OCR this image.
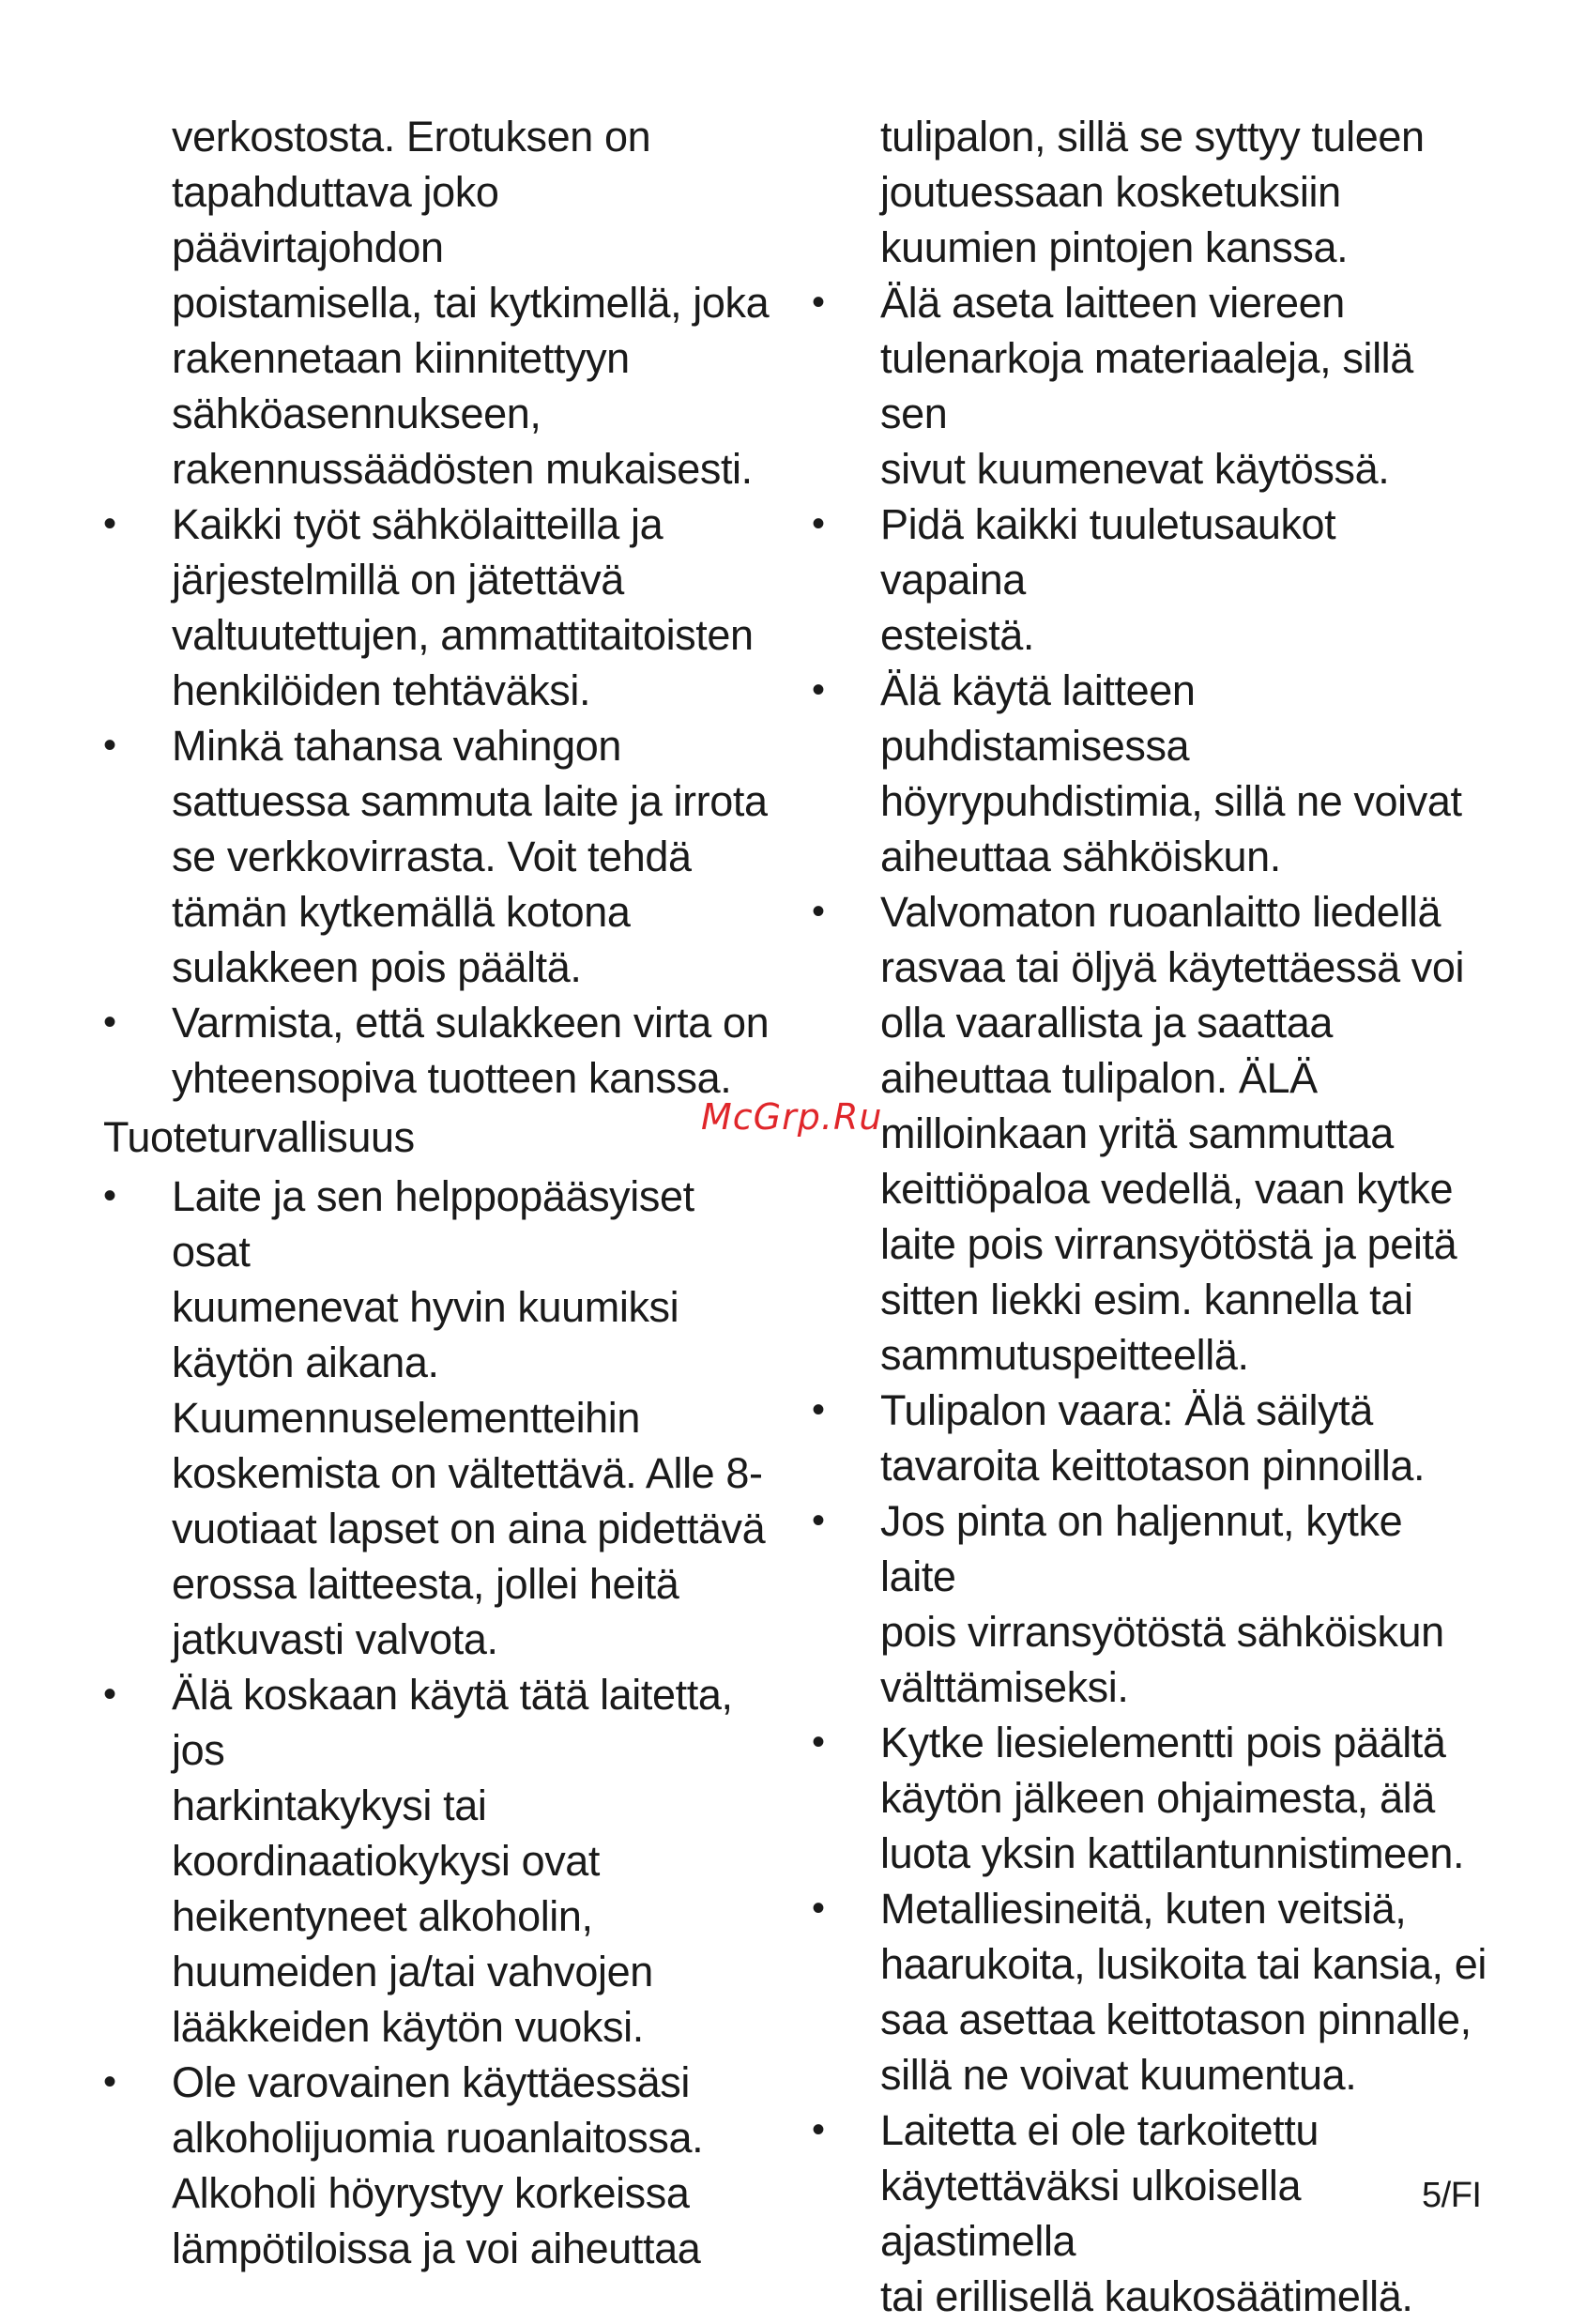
verkostosta. Erotuksen on
tapahduttava joko päävirtajohdon
poistamisella, tai kytkimellä, joka
rakennetaan kiinnitettyyn
sähköasennukseen,
rakennussäädösten mukaisesti.

•	Kaikki työt sähkölaitteilla ja
järjestelmillä on jätettävä
valtuutettujen, ammattitaitoisten
henkilöiden tehtäväksi.
•	Minkä tahansa vahingon
sattuessa sammuta laite ja irrota
se verkkovirrasta. Voit tehdä
tämän kytkemällä kotona
sulakkeen pois päältä.
•	Varmista, että sulakkeen virta on
yhteensopiva tuotteen kanssa.
Tuoteturvallisuus
•	Laite ja sen helppopääsyiset osat
kuumenevat hyvin kuumiksi
käytön aikana.
Kuumennuselementteihin
koskemista on vältettävä. Alle 8-
vuotiaat lapset on aina pidettävä
erossa laitteesta, jollei heitä
jatkuvasti valvota.
•	Älä koskaan käytä tätä laitetta, jos
harkintakykysi tai
koordinaatiokykysi ovat
heikentyneet alkoholin,
huumeiden ja/tai vahvojen
lääkkeiden käytön vuoksi.
•	Ole varovainen käyttäessäsi
alkoholijuomia ruoanlaitossa.
Alkoholi höyrystyy korkeissa
lämpötiloissa ja voi aiheuttaa

tulipalon, sillä se syttyy tuleen
joutuessaan kosketuksiin
kuumien pintojen kanssa.

•	Älä aseta laitteen viereen
tulenarkoja materiaaleja, sillä sen
sivut kuumenevat käytössä.
•	Pidä kaikki tuuletusaukot vapaina
esteistä.
•	Älä käytä laitteen
puhdistamisessa
höyrypuhdistimia, sillä ne voivat
aiheuttaa sähköiskun.
•	Valvomaton ruoanlaitto liedellä
rasvaa tai öljyä käytettäessä voi
olla vaarallista ja saattaa
aiheuttaa tulipalon. ÄLÄ
milloinkaan yritä sammuttaa
keittiöpaloa vedellä, vaan kytke
laite pois virransyötöstä ja peitä
sitten liekki esim. kannella tai
sammutuspeitteellä.
•	Tulipalon vaara: Älä säilytä
tavaroita keittotason pinnoilla.
•	Jos pinta on haljennut, kytke laite
pois virransyötöstä sähköiskun
välttämiseksi.
•	Kytke liesielementti pois päältä
käytön jälkeen ohjaimesta, älä
luota yksin kattilantunnistimeen.
•	Metalliesineitä, kuten veitsiä,
haarukoita, lusikoita tai kansia, ei
saa asettaa keittotason pinnalle,
sillä ne voivat kuumentua.
•	Laitetta ei ole tarkoitettu
käytettäväksi ulkoisella ajastimella
tai erillisellä kaukosäätimellä.
McGrp.Ru
5/FI
